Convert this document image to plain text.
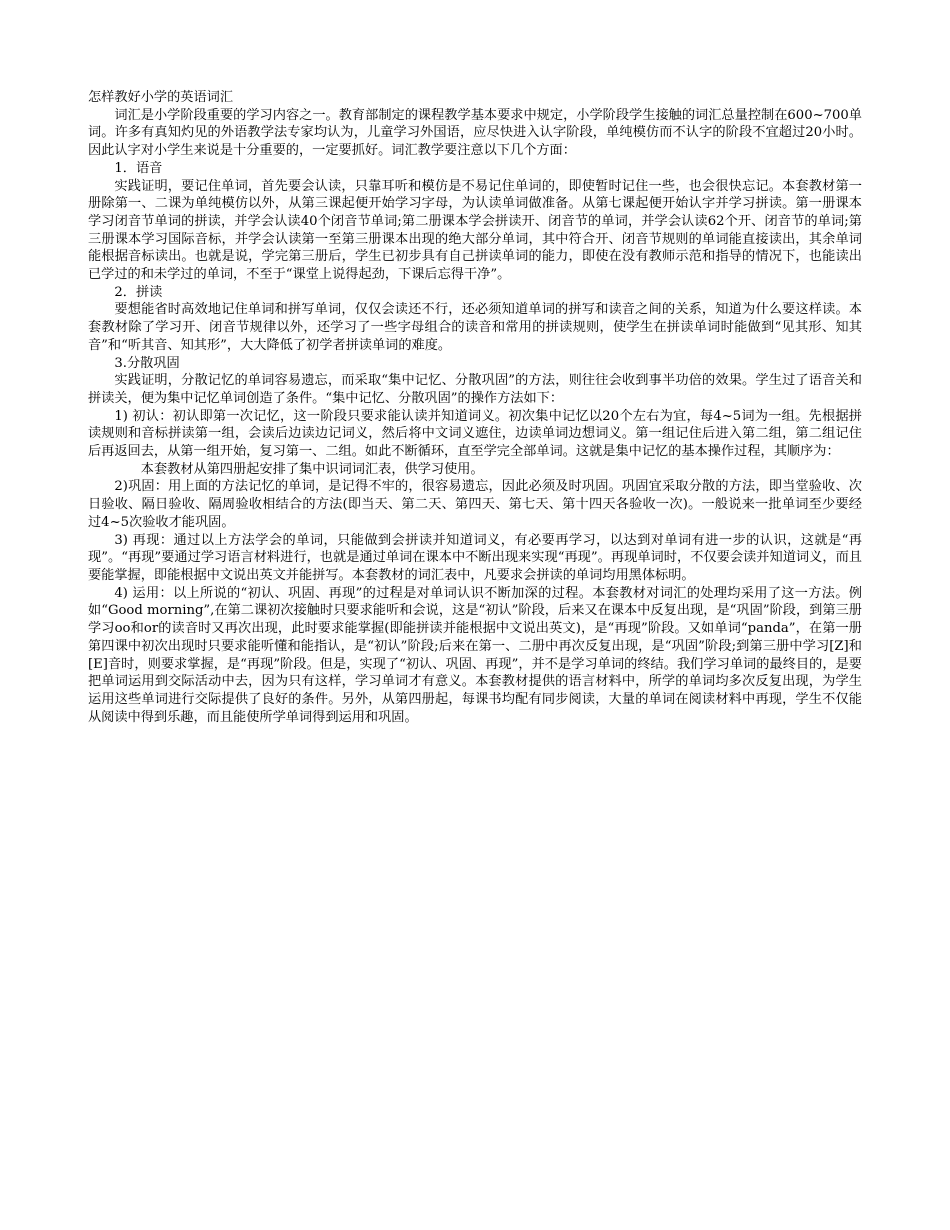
怎样教好小学的英语词汇

词汇是小学阶段重要的学习内容之一。教育部制定的课程教学基本要求中规定，小学阶段学生接触的词汇总量控制在600~700单词。许多有真知灼见的外语教学法专家均认为，儿童学习外国语，应尽快进入认字阶段，单纯模仿而不认字的阶段不宜超过20小时。因此认字对小学生来说是十分重要的，一定要抓好。词汇教学要注意以下几个方面：

1．语音

实践证明，要记住单词，首先要会认读，只靠耳听和模仿是不易记住单词的，即使暂时记住一些，也会很快忘记。本套教材第一册除第一、二课为单纯模仿以外，从第三课起便开始学习字母，为认读单词做准备。从第七课起便开始认字并学习拼读。第一册课本学习闭音节单词的拼读，并学会认读40个闭音节单词;第二册课本学会拼读开、闭音节的单词，并学会认读62个开、闭音节的单词;第三册课本学习国际音标，并学会认读第一至第三册课本出现的绝大部分单词，其中符合开、闭音节规则的单词能直接读出，其余单词能根据音标读出。也就是说，学完第三册后，学生已初步具有自己拼读单词的能力，即使在没有教师示范和指导的情况下，也能读出已学过的和未学过的单词，不至于“课堂上说得起劲，下课后忘得干净”。

2．拼读

要想能省时高效地记住单词和拼写单词，仅仅会读还不行，还必须知道单词的拼写和读音之间的关系，知道为什么要这样读。本套教材除了学习开、闭音节规律以外，还学习了一些字母组合的读音和常用的拼读规则，使学生在拼读单词时能做到“见其形、知其音”和“听其音、知其形”，大大降低了初学者拼读单词的难度。

3.分散巩固

实践证明，分散记忆的单词容易遗忘，而采取“集中记忆、分散巩固”的方法，则往往会收到事半功倍的效果。学生过了语音关和拼读关，便为集中记忆单词创造了条件。“集中记忆、分散巩固”的操作方法如下：

1) 初认：初认即第一次记忆，这一阶段只要求能认读并知道词义。初次集中记忆以20个左右为宜，每4~5词为一组。先根据拼读规则和音标拼读第一组，会读后边读边记词义，然后将中文词义遮住，边读单词边想词义。第一组记住后进入第二组，第二组记住后再返回去，从第一组开始，复习第一、二组。如此不断循环，直至学完全部单词。这就是集中记忆的基本操作过程，其顺序为：

本套教材从第四册起安排了集中识词词汇表，供学习使用。

2)巩固：用上面的方法记忆的单词，是记得不牢的，很容易遗忘，因此必须及时巩固。巩固宜采取分散的方法，即当堂验收、次日验收、隔日验收、隔周验收相结合的方法(即当天、第二天、第四天、第七天、第十四天各验收一次)。一般说来一批单词至少要经过4~5次验收才能巩固。

3) 再现：通过以上方法学会的单词，只能做到会拼读并知道词义，有必要再学习，以达到对单词有进一步的认识，这就是“再现”。“再现”要通过学习语言材料进行，也就是通过单词在课本中不断出现来实现“再现”。再现单词时，不仅要会读并知道词义，而且要能掌握，即能根据中文说出英文并能拼写。本套教材的词汇表中，凡要求会拼读的单词均用黑体标明。

4) 运用：以上所说的“初认、巩固、再现”的过程是对单词认识不断加深的过程。本套教材对词汇的处理均采用了这一方法。例如“Good morning”,在第二课初次接触时只要求能听和会说，这是“初认”阶段，后来又在课本中反复出现，是“巩固”阶段，到第三册学习oo和or的读音时又再次出现，此时要求能掌握(即能拼读并能根据中文说出英文)，是“再现”阶段。又如单词“panda”，在第一册第四课中初次出现时只要求能听懂和能指认，是“初认”阶段;后来在第一、二册中再次反复出现，是“巩固”阶段;到第三册中学习[Z]和[E]音时，则要求掌握，是“再现”阶段。但是，实现了“初认、巩固、再现”，并不是学习单词的终结。我们学习单词的最终目的，是要把单词运用到交际活动中去，因为只有这样，学习单词才有意义。本套教材提供的语言材料中，所学的单词均多次反复出现，为学生运用这些单词进行交际提供了良好的条件。另外，从第四册起，每课书均配有同步阅读，大量的单词在阅读材料中再现，学生不仅能从阅读中得到乐趣，而且能使所学单词得到运用和巩固。
